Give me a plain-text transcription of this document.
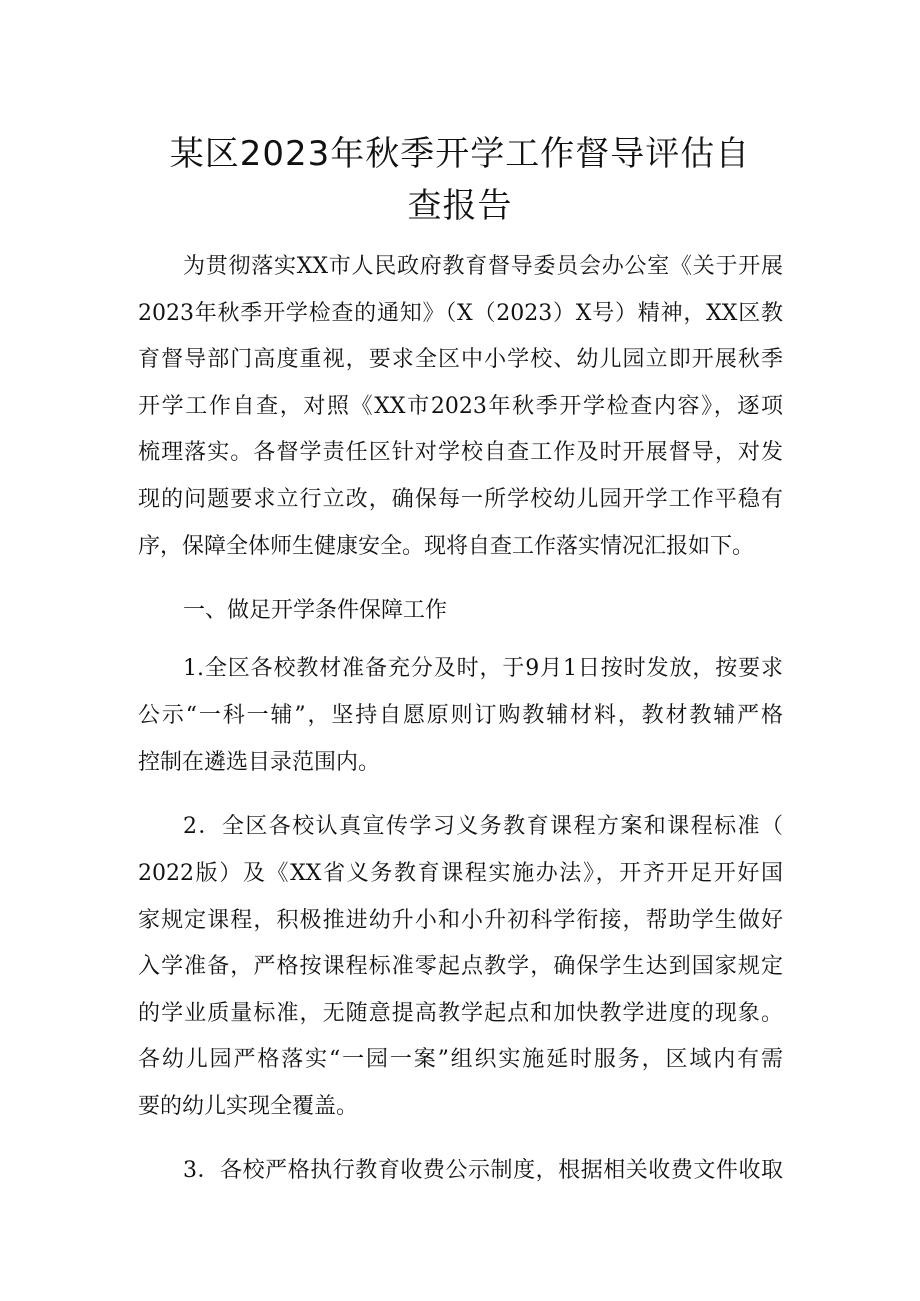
某区2023年秋季开学工作督导评估自
查报告
为贯彻落实XX市人民政府教育督导委员会办公室《关于开展
2023年秋季开学检查的通知》（X（2023）X号）精神，XX区教
育督导部门高度重视，要求全区中小学校、幼儿园立即开展秋季
开学工作自查，对照《XX市2023年秋季开学检查内容》，逐项
梳理落实。各督学责任区针对学校自查工作及时开展督导，对发
现的问题要求立行立改，确保每一所学校幼儿园开学工作平稳有
序，保障全体师生健康安全。现将自查工作落实情况汇报如下。
一、做足开学条件保障工作
1.全区各校教材准备充分及时，于9月1日按时发放，按要求
公示“一科一辅”，坚持自愿原则订购教辅材料，教材教辅严格
控制在遴选目录范围内。
2．全区各校认真宣传学习义务教育课程方案和课程标准（
2022版）及《XX省义务教育课程实施办法》，开齐开足开好国
家规定课程，积极推进幼升小和小升初科学衔接，帮助学生做好
入学准备，严格按课程标准零起点教学，确保学生达到国家规定
的学业质量标准，无随意提高教学起点和加快教学进度的现象。
各幼儿园严格落实“一园一案”组织实施延时服务，区域内有需
要的幼儿实现全覆盖。
3．各校严格执行教育收费公示制度，根据相关收费文件收取
